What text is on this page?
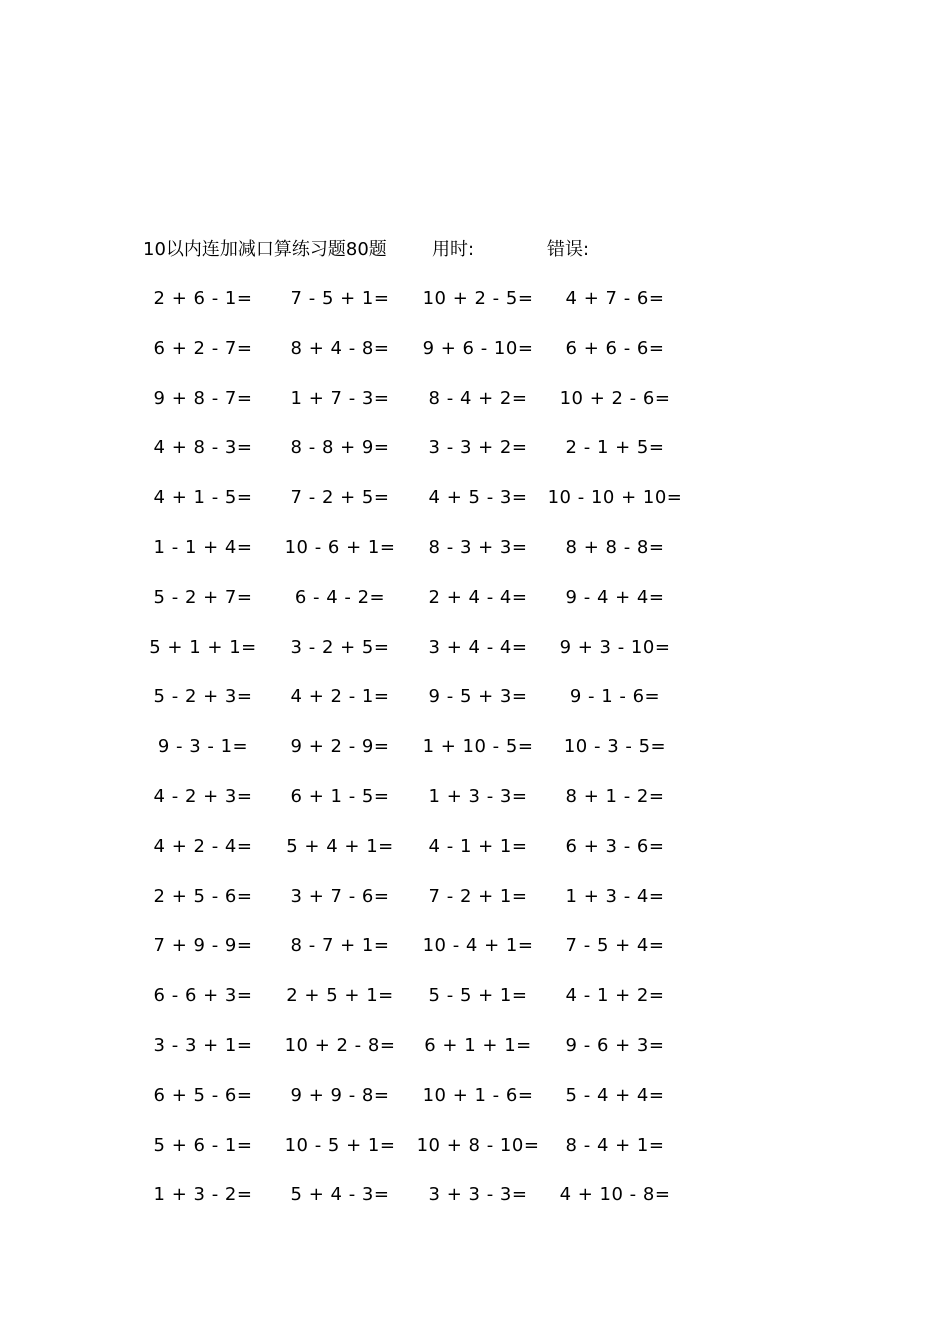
10以内连加减口算练习题80题	用时:	错误:
2 + 6 - 1=	7 - 5 + 1=	10 + 2 - 5=	4 + 7 - 6=
6 + 2 - 7=	8 + 4 - 8=	9 + 6 - 10=	6 + 6 - 6=
9 + 8 - 7=	1 + 7 - 3=	8 - 4 + 2=	10 + 2 - 6=
4 + 8 - 3=	8 - 8 + 9=	3 - 3 + 2=	2 - 1 + 5=
4 + 1 - 5=	7 - 2 + 5=	4 + 5 - 3=	10 - 10 + 10=
1 - 1 + 4=	10 - 6 + 1=	8 - 3 + 3=	8 + 8 - 8=
5 - 2 + 7=	6 - 4 - 2=	2 + 4 - 4=	9 - 4 + 4=
5 + 1 + 1=	3 - 2 + 5=	3 + 4 - 4=	9 + 3 - 10=
5 - 2 + 3=	4 + 2 - 1=	9 - 5 + 3=	9 - 1 - 6=
9 - 3 - 1=	9 + 2 - 9=	1 + 10 - 5=	10 - 3 - 5=
4 - 2 + 3=	6 + 1 - 5=	1 + 3 - 3=	8 + 1 - 2=
4 + 2 - 4=	5 + 4 + 1=	4 - 1 + 1=	6 + 3 - 6=
2 + 5 - 6=	3 + 7 - 6=	7 - 2 + 1=	1 + 3 - 4=
7 + 9 - 9=	8 - 7 + 1=	10 - 4 + 1=	7 - 5 + 4=
6 - 6 + 3=	2 + 5 + 1=	5 - 5 + 1=	4 - 1 + 2=
3 - 3 + 1=	10 + 2 - 8=	6 + 1 + 1=	9 - 6 + 3=
6 + 5 - 6=	9 + 9 - 8=	10 + 1 - 6=	5 - 4 + 4=
5 + 6 - 1=	10 - 5 + 1=	10 + 8 - 10=	8 - 4 + 1=
1 + 3 - 2=	5 + 4 - 3=	3 + 3 - 3=	4 + 10 - 8=
